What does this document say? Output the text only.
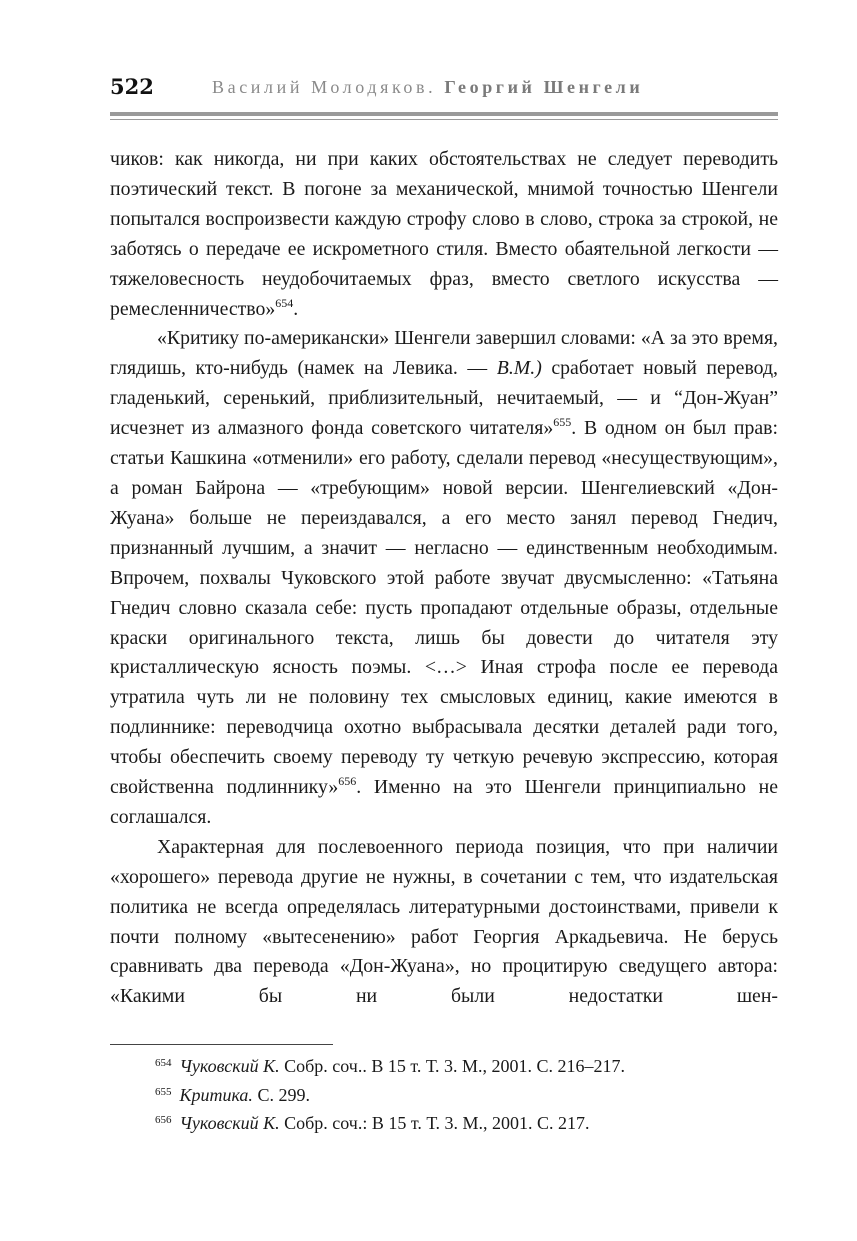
522	Василий Молодяков. Георгий Шенгели

чиков: как никогда, ни при каких обстоятельствах не следует переводить поэтический текст. В погоне за механической, мнимой точностью Шенгели попытался воспроизвести каждую строфу слово в слово, строка за строкой, не заботясь о передаче ее искрометного стиля. Вместо обаятельной легкости — тяжеловесность неудобочитаемых фраз, вместо светлого искусства — ремесленничество»$^{654}$.

«Критику по-американски» Шенгели завершил словами: «А за это время, глядишь, кто-нибудь (намек на Левика. — В.М.) сработает новый перевод, гладенький, серенький, приблизительный, нечитаемый, — и “Дон-Жуан” исчезнет из алмазного фонда советского читателя»$^{655}$. В одном он был прав: статьи Кашкина «отменили» его работу, сделали перевод «несуществующим», а роман Байрона — «требующим» новой версии. Шенгелиевский «Дон-Жуана» больше не переиздавался, а его место занял перевод Гнедич, признанный лучшим, а значит — негласно — единственным необходимым. Впрочем, похвалы Чуковского этой работе звучат двусмысленно: «Татьяна Гнедич словно сказала себе: пусть пропадают отдельные образы, отдельные краски оригинального текста, лишь бы довести до читателя эту кристаллическую ясность поэмы. <…> Иная строфа после ее перевода утратила чуть ли не половину тех смысловых единиц, какие имеются в подлиннике: переводчица охотно выбрасывала десятки деталей ради того, чтобы обеспечить своему переводу ту четкую речевую экспрессию, которая свойственна подлиннику»$^{656}$. Именно на это Шенгели принципиально не соглашался.

Характерная для послевоенного периода позиция, что при наличии «хорошего» перевода другие не нужны, в сочетании с тем, что издательская политика не всегда определялась литературными достоинствами, привели к почти полному «вытесенению» работ Георгия Аркадьевича. Не берусь сравнивать два перевода «Дон-Жуана», но процитирую сведущего автора: «Какими бы ни были недостатки шен-

$^{654}$ Чуковский К. Собр. соч.. В 15 т. Т. 3. М., 2001. С. 216–217.

$^{655}$ Критика. С. 299.

$^{656}$ Чуковский К. Собр. соч.: В 15 т. Т. 3. М., 2001. С. 217.
